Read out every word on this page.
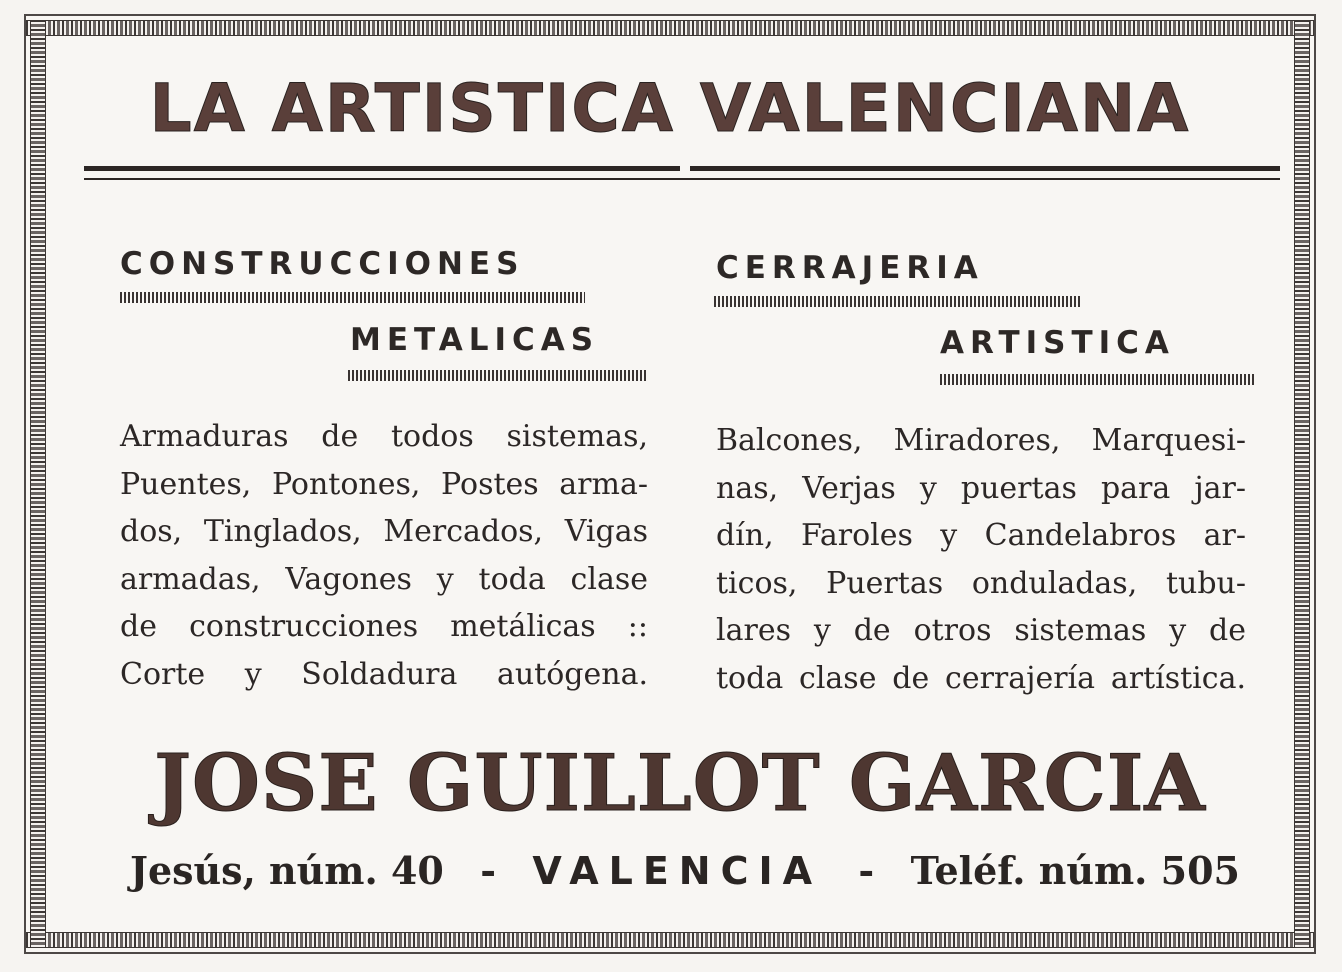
LA ARTISTICA VALENCIANA
CONSTRUCCIONES
METALICAS
Armaduras de todos sistemas,
Puentes, Pontones, Postes arma-
dos, Tinglados, Mercados, Vigas
armadas, Vagones y toda clase
de construcciones metálicas ::
Corte y Soldadura autógena.
CERRAJERIA
ARTISTICA
Balcones, Miradores, Marquesi-
nas, Verjas y puertas para jar-
dín, Faroles y Candelabros ar-
ticos, Puertas onduladas, tubu-
lares y de otros sistemas y de
toda clase de cerrajería artística.
JOSE GUILLOT GARCIA
Jesús, núm. 40 - VALENCIA - Teléf. núm. 505
